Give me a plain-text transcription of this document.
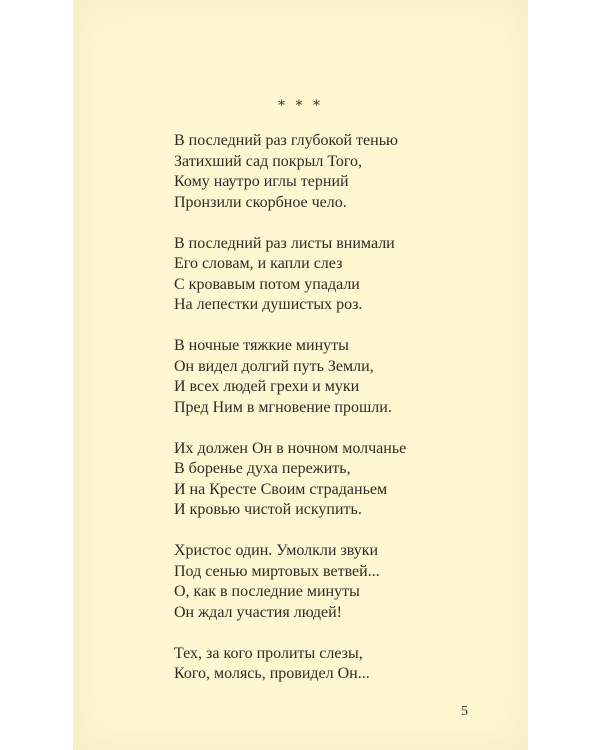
* * *
В последний раз глубокой тенью
Затихший сад покрыл Того,
Кому наутро иглы терний
Пронзили скорбное чело.
В последний раз листы внимали
Его словам, и капли слез
С кровавым потом упадали
На лепестки душистых роз.
В ночные тяжкие минуты
Он видел долгий путь Земли,
И всех людей грехи и муки
Пред Ним в мгновение прошли.
Их должен Он в ночном молчанье
В боренье духа пережить,
И на Кресте Своим страданьем
И кровью чистой искупить.
Христос один. Умолкли звуки
Под сенью миртовых ветвей...
О, как в последние минуты
Он ждал участия людей!
Тех, за кого пролиты слезы,
Кого, молясь, провидел Он...
5
